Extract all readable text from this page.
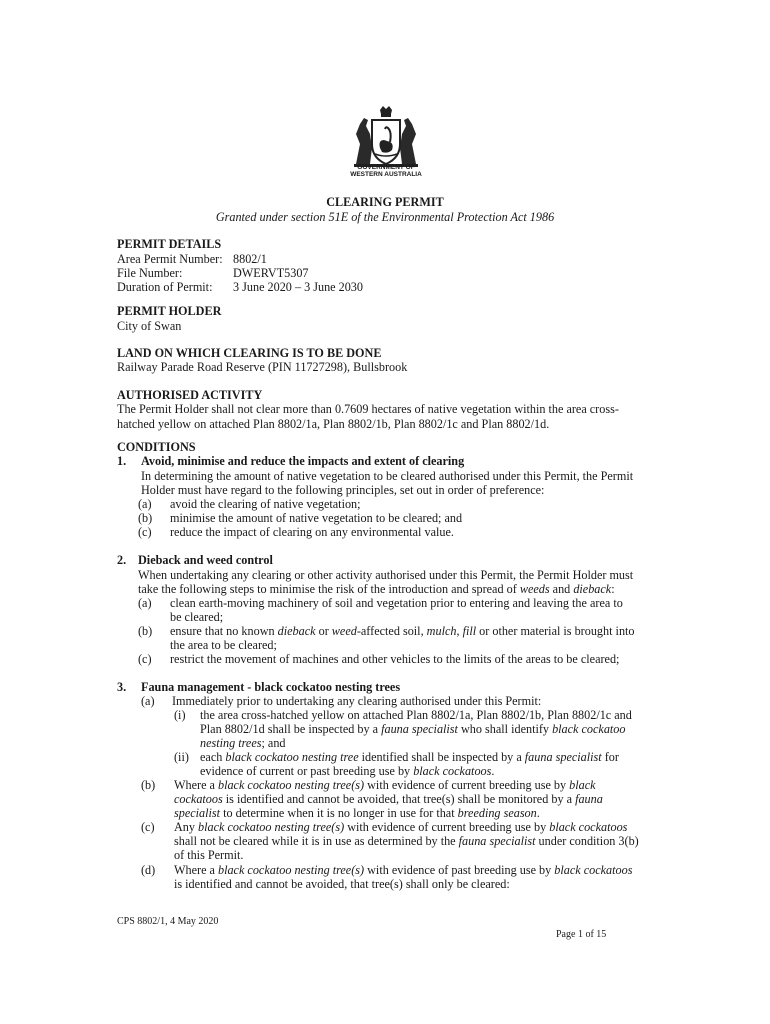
GOVERNMENT OF
WESTERN AUSTRALIA
CLEARING PERMIT
Granted under section 51E of the Environmental Protection Act 1986
PERMIT DETAILS
Area Permit Number: 8802/1
File Number:	DWERVT5307
Duration of Permit: 3 June 2020 – 3 June 2030
PERMIT HOLDER
City of Swan
LAND ON WHICH CLEARING IS TO BE DONE
Railway Parade Road Reserve (PIN 11727298), Bullsbrook
AUTHORISED ACTIVITY
The Permit Holder shall not clear more than 0.7609 hectares of native vegetation within the area cross-
hatched yellow on attached Plan 8802/1a, Plan 8802/1b, Plan 8802/1c and Plan 8802/1d.
CONDITIONS
1. Avoid, minimise and reduce the impacts and extent of clearing
In determining the amount of native vegetation to be cleared authorised under this Permit, the Permit
Holder must have regard to the following principles, set out in order of preference:
(a) avoid the clearing of native vegetation;
(b) minimise the amount of native vegetation to be cleared; and
(c) reduce the impact of clearing on any environmental value.
2. Dieback and weed control
When undertaking any clearing or other activity authorised under this Permit, the Permit Holder must
take the following steps to minimise the risk of the introduction and spread of weeds and dieback:
(a) clean earth-moving machinery of soil and vegetation prior to entering and leaving the area to
be cleared;
(b) ensure that no known dieback or weed-affected soil, mulch, fill or other material is brought into
the area to be cleared;
(c) restrict the movement of machines and other vehicles to the limits of the areas to be cleared;
3. Fauna management - black cockatoo nesting trees
(a) Immediately prior to undertaking any clearing authorised under this Permit:
(i) the area cross-hatched yellow on attached Plan 8802/1a, Plan 8802/1b, Plan 8802/1c and
Plan 8802/1d shall be inspected by a fauna specialist who shall identify black cockatoo
nesting trees; and
(ii) each black cockatoo nesting tree identified shall be inspected by a fauna specialist for
evidence of current or past breeding use by black cockatoos.
(b) Where a black cockatoo nesting tree(s) with evidence of current breeding use by black
cockatoos is identified and cannot be avoided, that tree(s) shall be monitored by a fauna
specialist to determine when it is no longer in use for that breeding season.
(c) Any black cockatoo nesting tree(s) with evidence of current breeding use by black cockatoos
shall not be cleared while it is in use as determined by the fauna specialist under condition 3(b)
of this Permit.
(d) Where a black cockatoo nesting tree(s) with evidence of past breeding use by black cockatoos
is identified and cannot be avoided, that tree(s) shall only be cleared:
CPS 8802/1, 4 May 2020
Page 1 of 15
